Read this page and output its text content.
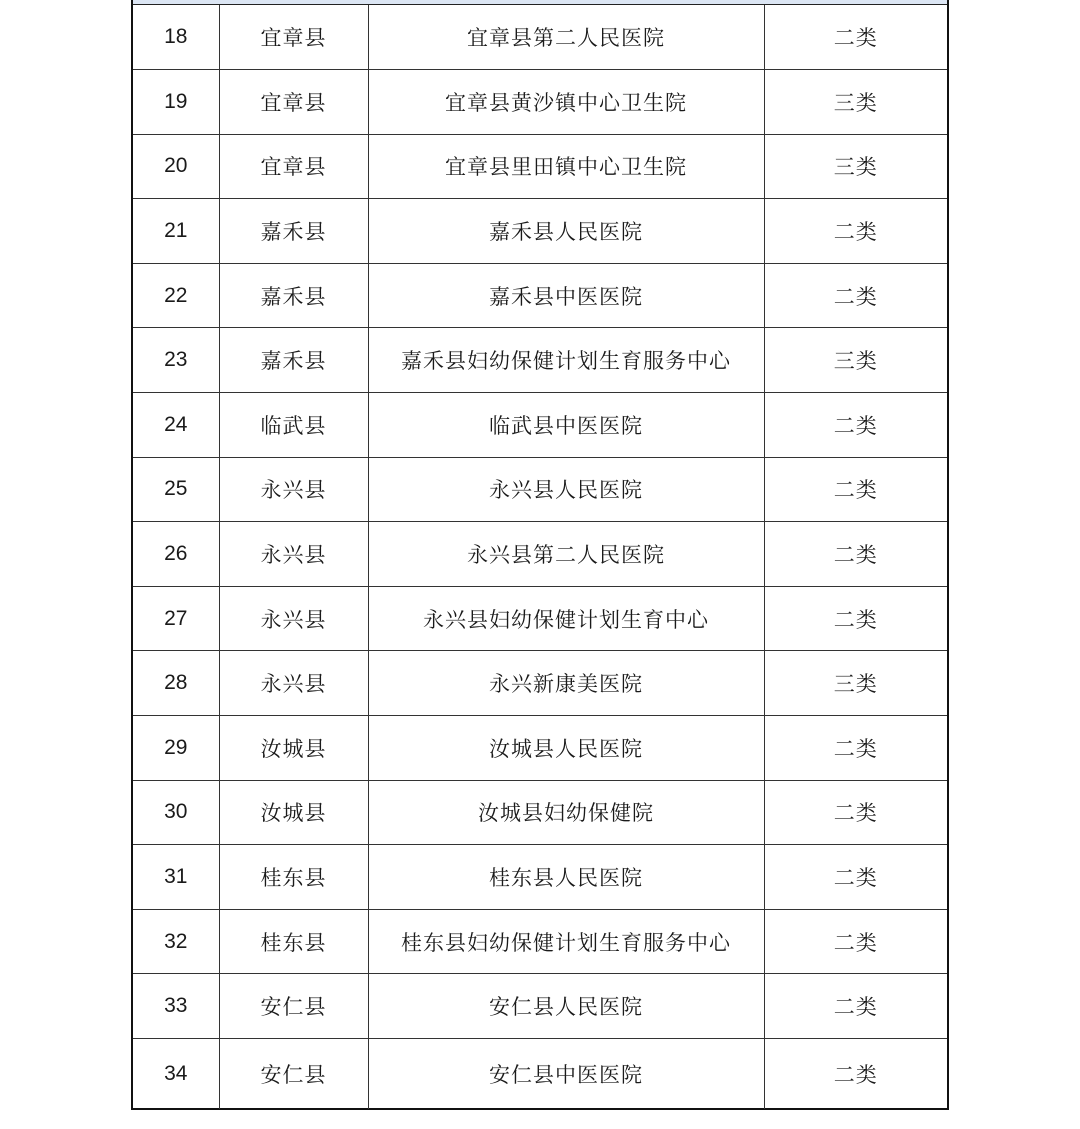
18	宜章县	宜章县第二人民医院	二类
19	宜章县	宜章县黄沙镇中心卫生院	三类
20	宜章县	宜章县里田镇中心卫生院	三类
21	嘉禾县	嘉禾县人民医院	二类
22	嘉禾县	嘉禾县中医医院	二类
23	嘉禾县	嘉禾县妇幼保健计划生育服务中心	三类
24	临武县	临武县中医医院	二类
25	永兴县	永兴县人民医院	二类
26	永兴县	永兴县第二人民医院	二类
27	永兴县	永兴县妇幼保健计划生育中心	二类
28	永兴县	永兴新康美医院	三类
29	汝城县	汝城县人民医院	二类
30	汝城县	汝城县妇幼保健院	二类
31	桂东县	桂东县人民医院	二类
32	桂东县	桂东县妇幼保健计划生育服务中心	二类
33	安仁县	安仁县人民医院	二类
34	安仁县	安仁县中医医院	二类
